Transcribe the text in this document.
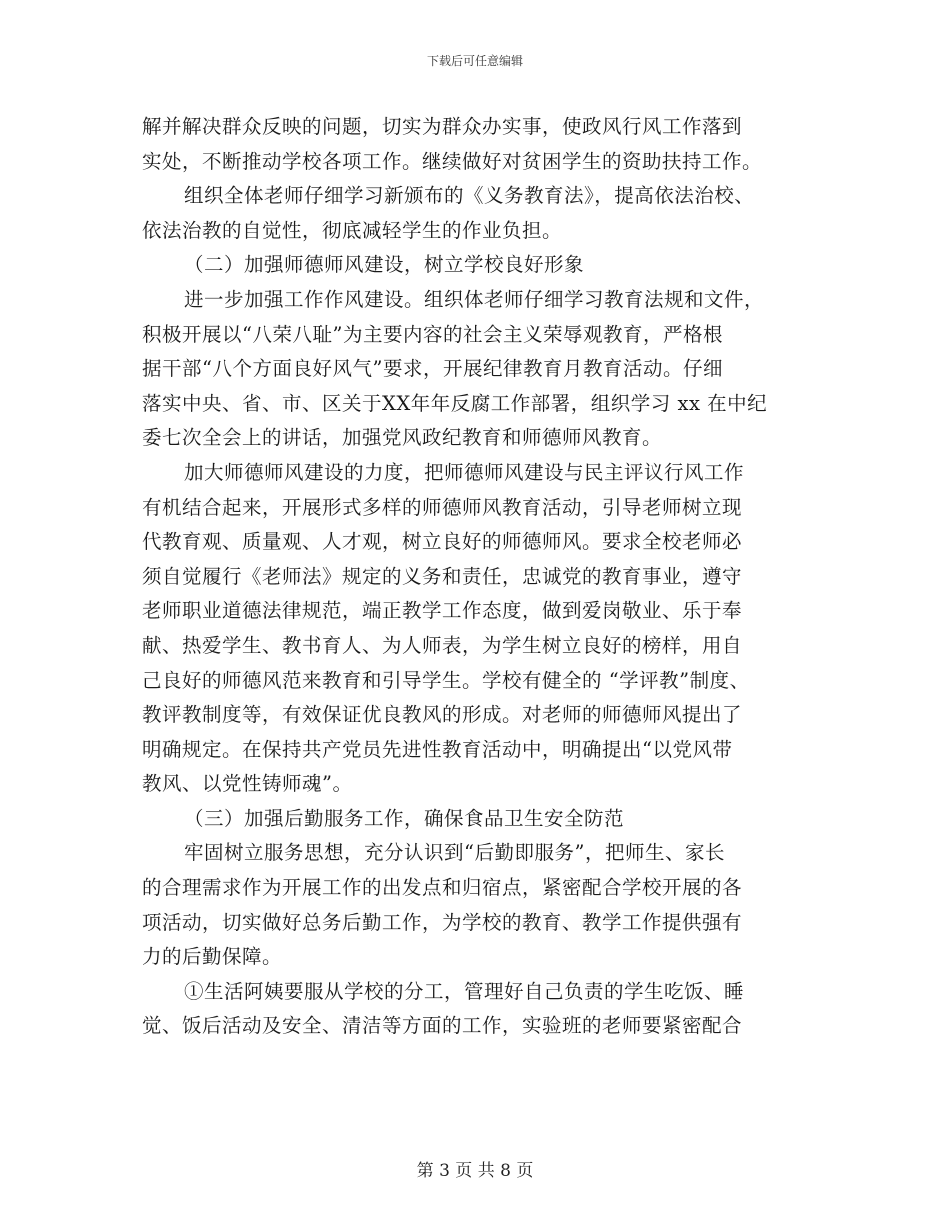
下载后可任意编辑
解并解决群众反映的问题，切实为群众办实事，使政风行风工作落到
实处，不断推动学校各项工作。继续做好对贫困学生的资助扶持工作。
组织全体老师仔细学习新颁布的《义务教育法》，提高依法治校、
依法治教的自觉性，彻底减轻学生的作业负担。
（二）加强师德师风建设，树立学校良好形象
进一步加强工作作风建设。组织体老师仔细学习教育法规和文件，
积极开展以“八荣八耻”为主要内容的社会主义荣辱观教育，严格根
据干部“八个方面良好风气”要求，开展纪律教育月教育活动。仔细
落实中央、省、市、区关于XX年年反腐工作部署，组织学习 xx 在中纪
委七次全会上的讲话，加强党风政纪教育和师德师风教育。
加大师德师风建设的力度，把师德师风建设与民主评议行风工作
有机结合起来，开展形式多样的师德师风教育活动，引导老师树立现
代教育观、质量观、人才观，树立良好的师德师风。要求全校老师必
须自觉履行《老师法》规定的义务和责任，忠诚党的教育事业，遵守
老师职业道德法律规范，端正教学工作态度，做到爱岗敬业、乐于奉
献、热爱学生、教书育人、为人师表，为学生树立良好的榜样，用自
己良好的师德风范来教育和引导学生。学校有健全的 “学评教”制度、
教评教制度等，有效保证优良教风的形成。对老师的师德师风提出了
明确规定。在保持共产党员先进性教育活动中，明确提出“以党风带
教风、以党性铸师魂”。
（三）加强后勤服务工作，确保食品卫生安全防范
牢固树立服务思想，充分认识到“后勤即服务”，把师生、家长
的合理需求作为开展工作的出发点和归宿点，紧密配合学校开展的各
项活动，切实做好总务后勤工作，为学校的教育、教学工作提供强有
力的后勤保障。
①生活阿姨要服从学校的分工，管理好自己负责的学生吃饭、睡
觉、饭后活动及安全、清洁等方面的工作，实验班的老师要紧密配合
第 3 页 共 8 页
